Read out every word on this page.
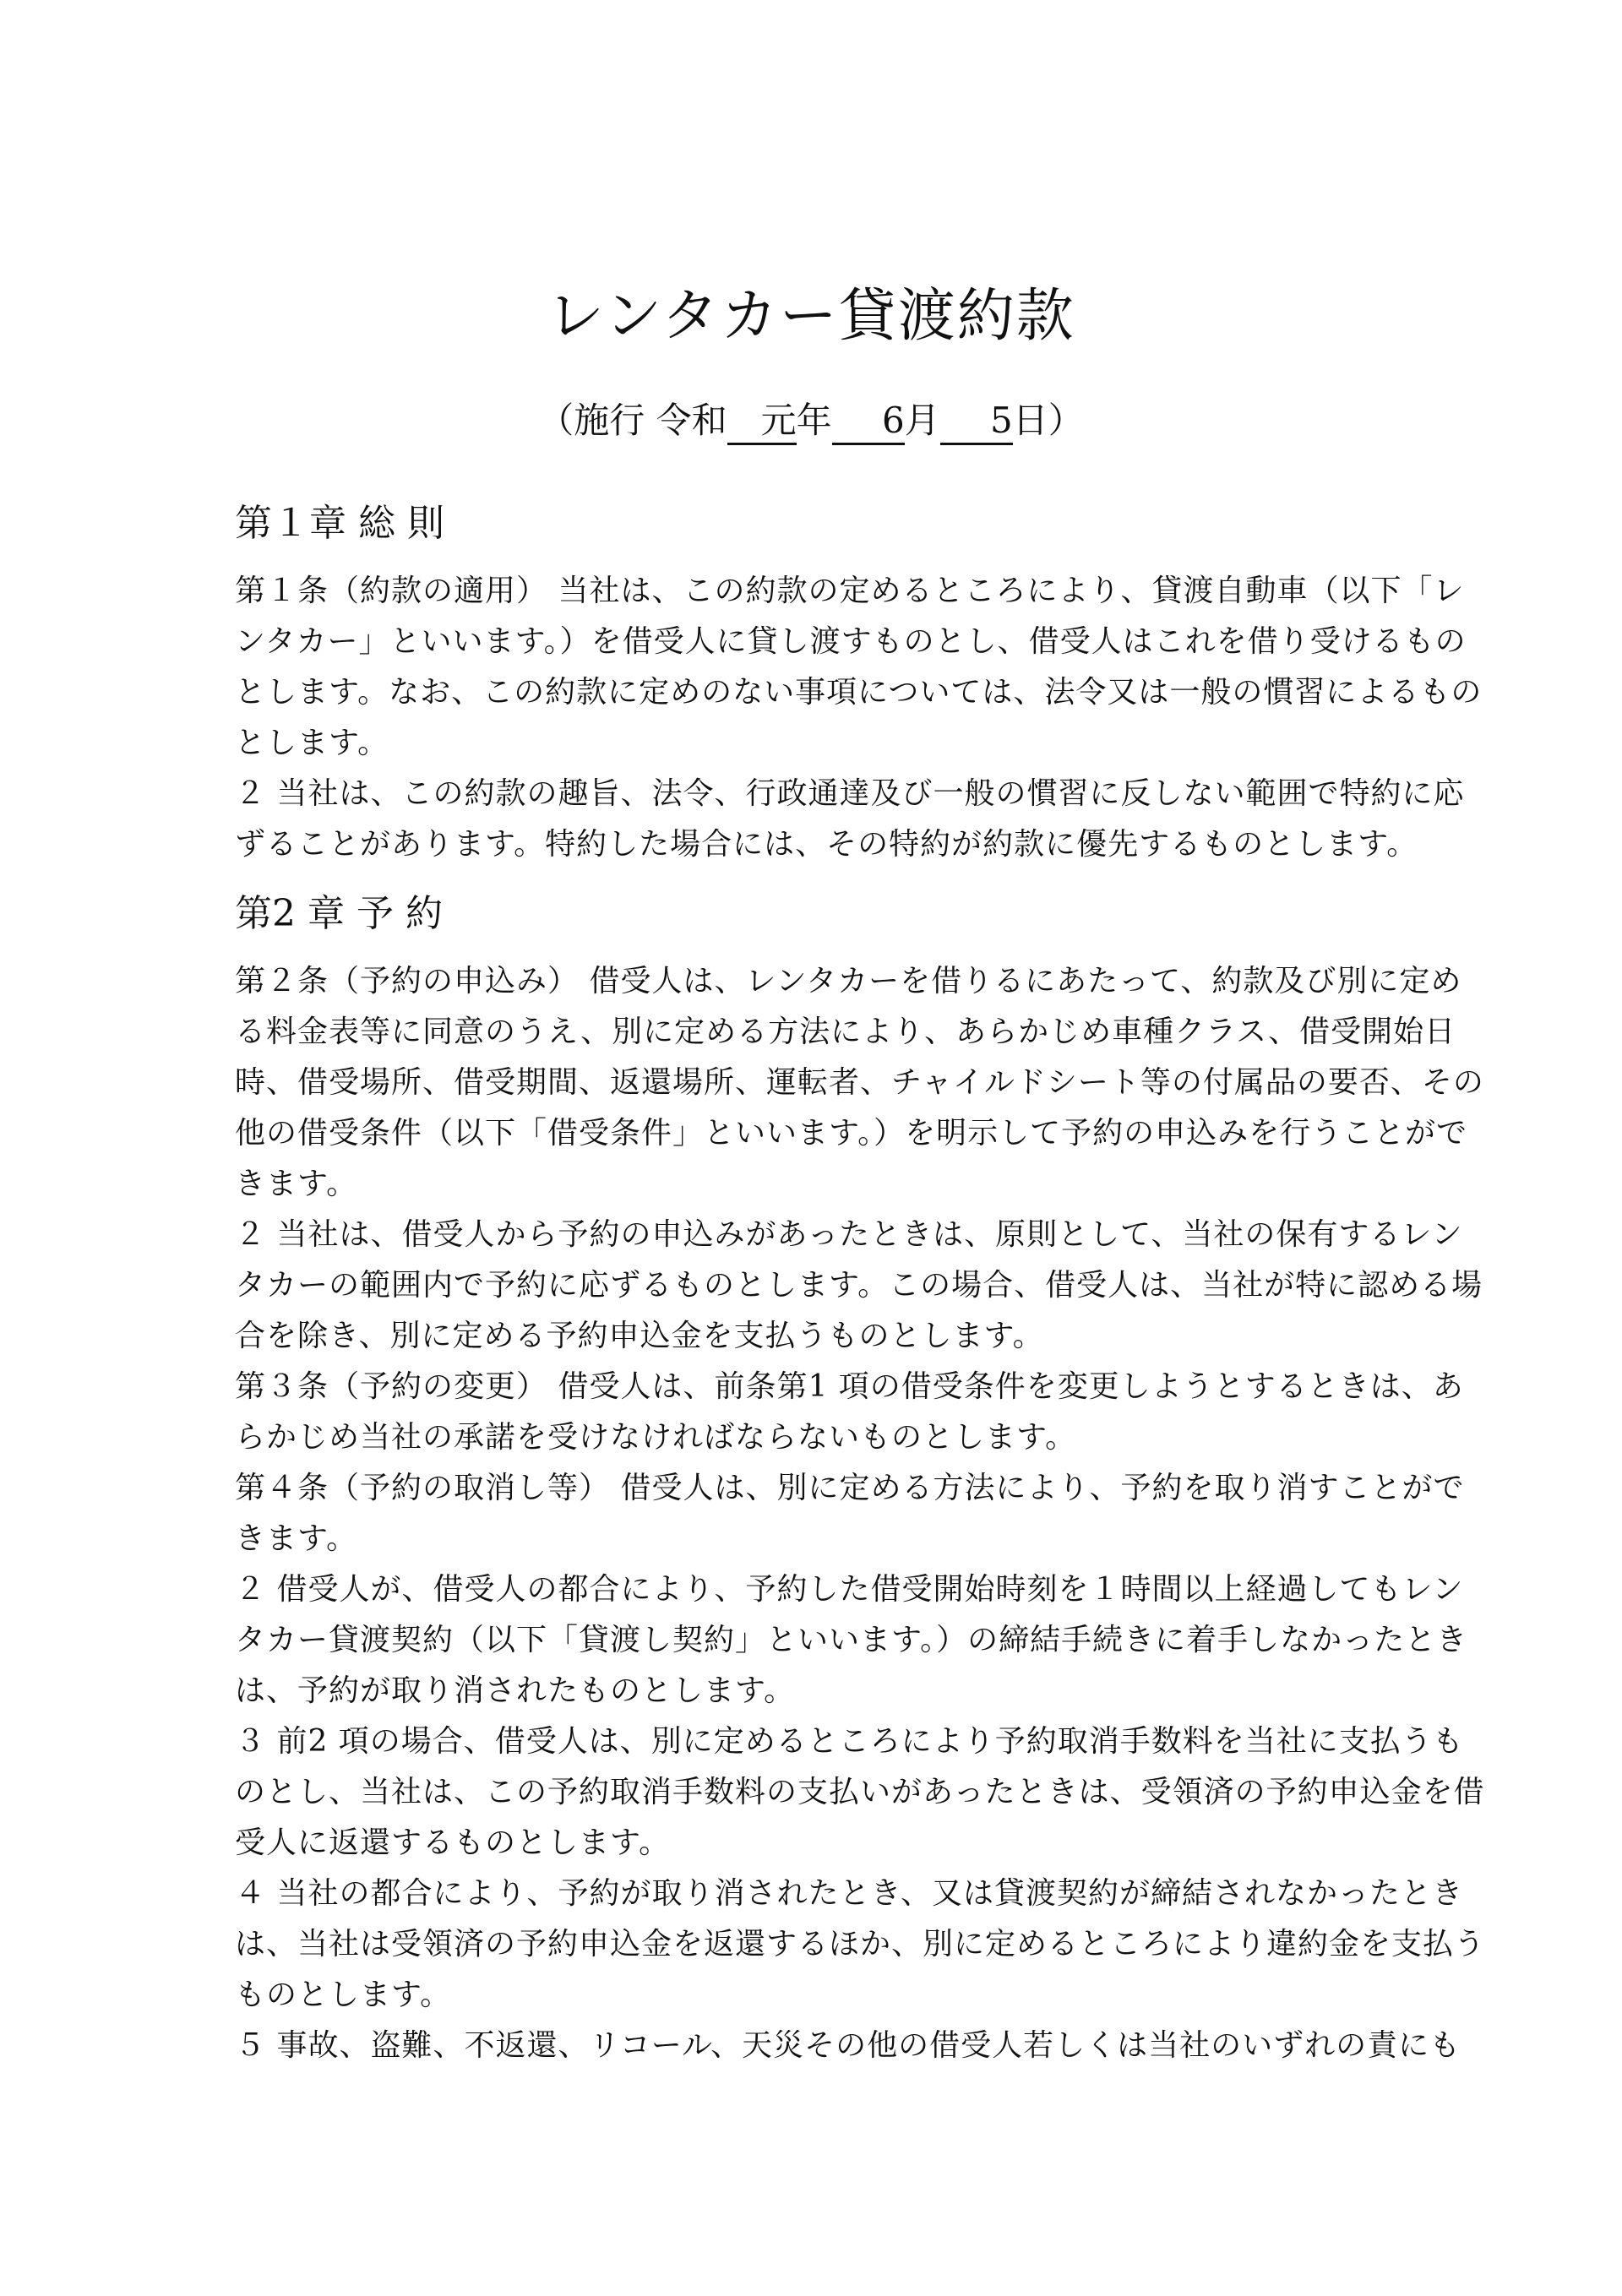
レンタカー貸渡約款
（施行 令和 元年 6月 5日）
第１章 総 則
第１条（約款の適用） 当社は、この約款の定めるところにより、貸渡自動車（以下「レ
ンタカー」といいます。）を借受人に貸し渡すものとし、借受人はこれを借り受けるもの
とします。なお、この約款に定めのない事項については、法令又は一般の慣習によるもの
とします。
２ 当社は、この約款の趣旨、法令、行政通達及び一般の慣習に反しない範囲で特約に応
ずることがあります。特約した場合には、その特約が約款に優先するものとします。
第2 章 予 約
第２条（予約の申込み） 借受人は、レンタカーを借りるにあたって、約款及び別に定め
る料金表等に同意のうえ、別に定める方法により、あらかじめ車種クラス、借受開始日
時、借受場所、借受期間、返還場所、運転者、チャイルドシート等の付属品の要否、その
他の借受条件（以下「借受条件」といいます。）を明示して予約の申込みを行うことがで
きます。
２ 当社は、借受人から予約の申込みがあったときは、原則として、当社の保有するレン
タカーの範囲内で予約に応ずるものとします。この場合、借受人は、当社が特に認める場
合を除き、別に定める予約申込金を支払うものとします。
第３条（予約の変更） 借受人は、前条第1 項の借受条件を変更しようとするときは、あ
らかじめ当社の承諾を受けなければならないものとします。
第４条（予約の取消し等） 借受人は、別に定める方法により、予約を取り消すことがで
きます。
２ 借受人が、借受人の都合により、予約した借受開始時刻を１時間以上経過してもレン
タカー貸渡契約（以下「貸渡し契約」といいます。）の締結手続きに着手しなかったとき
は、予約が取り消されたものとします。
３ 前2 項の場合、借受人は、別に定めるところにより予約取消手数料を当社に支払うも
のとし、当社は、この予約取消手数料の支払いがあったときは、受領済の予約申込金を借
受人に返還するものとします。
４ 当社の都合により、予約が取り消されたとき、又は貸渡契約が締結されなかったとき
は、当社は受領済の予約申込金を返還するほか、別に定めるところにより違約金を支払う
ものとします。
５ 事故、盗難、不返還、リコール、天災その他の借受人若しくは当社のいずれの責にも
